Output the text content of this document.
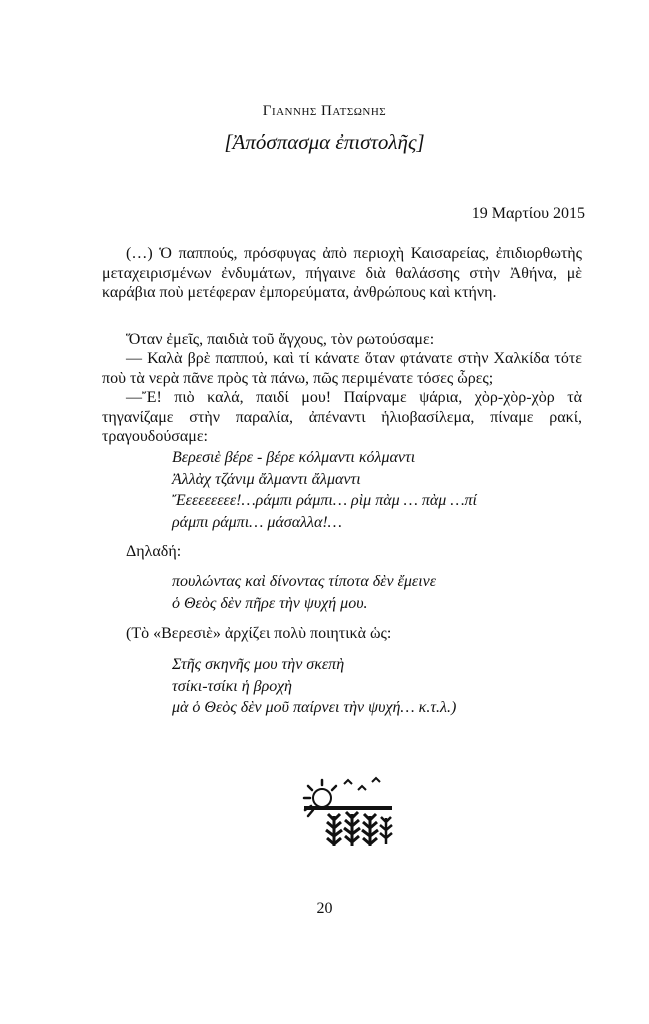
Γιαννης Πατσωνης
[Ἀπόσπασμα ἐπιστολῆς]
19 Μαρτίου 2015
(…) Ὁ παππούς, πρόσφυγας ἀπὸ περιοχὴ Καισαρείας, ἐπιδιορθωτὴς μεταχειρισμένων ἐνδυμάτων, πήγαινε διὰ θαλάσσης στὴν Ἀθήνα, μὲ καράβια ποὺ μετέφεραν ἐμπορεύματα, ἀνθρώπους καὶ κτήνη.
Ὅταν ἐμεῖς, παιδιὰ τοῦ ἄγχους, τὸν ρωτούσαμε:
— Καλὰ βρὲ παππού, καὶ τί κάνατε ὅταν φτάνατε στὴν Χαλκίδα τότε ποὺ τὰ νερὰ πᾶνε πρὸς τὰ πάνω, πῶς περιμένατε τόσες ὧρες;
—Ἔ! πιὸ καλά, παιδί μου! Παίρναμε ψάρια, χὸρ-χὸρ-χὸρ τὰ τηγανίζαμε στὴν παραλία, ἀπέναντι ἡλιοβασίλεμα, πίναμε ρακί, τραγουδούσαμε:
Βερεσιὲ βέρε - βέρε κόλμαντι κόλμαντι
Ἀλλὰχ τζάνιμ ἄλμαντι ἄλμαντι
Ἔεεεεεεεε!…ράμπι ράμπι… ρὶμ πὰμ … πὰμ …πί
ράμπι ράμπι… μάσαλλα!…
Δηλαδή:
πουλώντας καὶ δίνοντας τίποτα δὲν ἔμεινε
ὁ Θεὸς δὲν πῆρε τὴν ψυχή μου.
(Τὸ «Βερεσιὲ» ἀρχίζει πολὺ ποιητικὰ ὡς:
Στῆς σκηνῆς μου τὴν σκεπὴ
τσίκι-τσίκι ἡ βροχὴ
μὰ ὁ Θεὸς δὲν μοῦ παίρνει τὴν ψυχή… κ.τ.λ.)
20
